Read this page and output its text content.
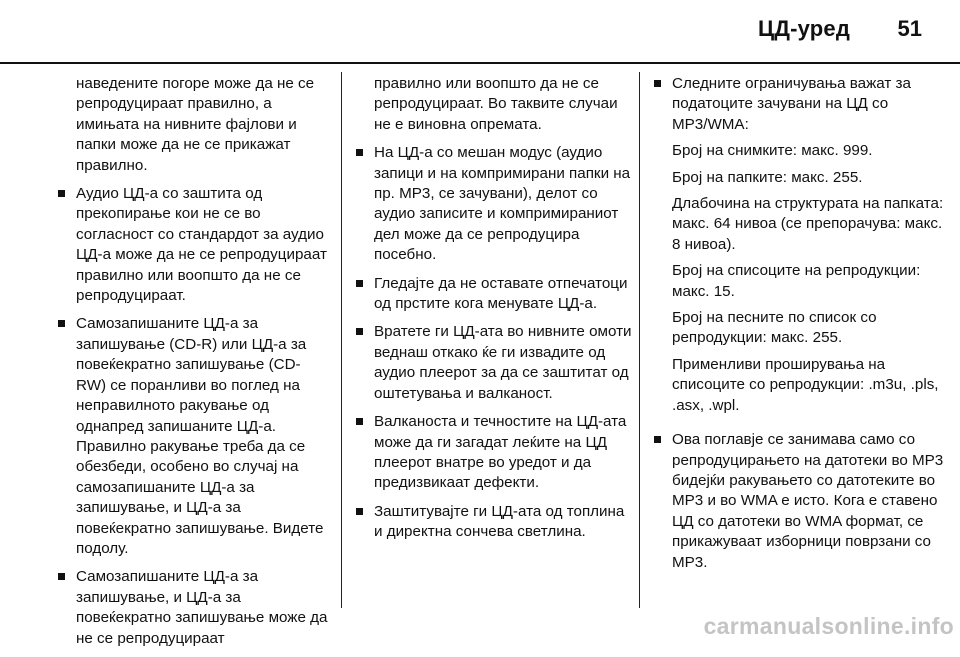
ЦД-уред 51

наведените погоре може да не се репродуцираат правилно, а имињата на нивните фајлови и папки може да не се прикажат правилно.

Аудио ЦД-а со заштита од прекопирање кои не се во согласност со стандардот за аудио ЦД-а може да не се репродуцираат правилно или воопшто да не се репродуцираат.

Самозапишаните ЦД-а за запишување (CD-R) или ЦД-а за повеќекратно запишување (CD-RW) се поранливи во поглед на неправилното ракување од однапред запишаните ЦД-а. Правилно ракување треба да се обезбеди, особено во случај на самозапишаните ЦД-а за запишување, и ЦД-а за повеќекратно запишување. Видете подолу.

Самозапишаните ЦД-а за запишување, и ЦД-а за повеќекратно запишување може да не се репродуцираат

правилно или воопшто да не се репродуцираат. Во таквите случаи не е виновна опремата.

На ЦД-а со мешан модус (аудио запици и на компримирани папки на пр. MP3, се зачувани), делот со аудио записите и компримираниот дел може да се репродуцира посебно.

Гледајте да не оставате отпечатоци од прстите кога менувате ЦД-а.

Вратете ги ЦД-ата во нивните омоти веднаш откако ќе ги извадите од аудио плеерот за да се заштитат од оштетувања и валканост.

Валканоста и течностите на ЦД-ата може да ги загадат леќите на ЦД плеерот внатре во уредот и да предизвикаат дефекти.

Заштитувајте ги ЦД-ата од топлина и директна сончева светлина.

Следните ограничувања важат за податоците зачувани на ЦД со MP3/WMA:

Број на снимките: макс. 999.

Број на папките: макс. 255.

Длабочина на структурата на папката: макс. 64 нивоа (се препорачува: макс. 8 нивоа).

Број на списоците на репродукции: макс. 15.

Број на песните по список со репродукции: макс. 255.

Применливи проширувања на списоците со репродукции: .m3u, .pls, .asx, .wpl.

Ова поглавје се занимава само со репродуцирањето на датотеки во MP3 бидејќи ракувањето со датотеките во MP3 и во WMA е исто. Кога е ставено ЦД со датотеки во WMA формат, се прикажуваат изборници поврзани со MP3.

carmanualsonline.info
